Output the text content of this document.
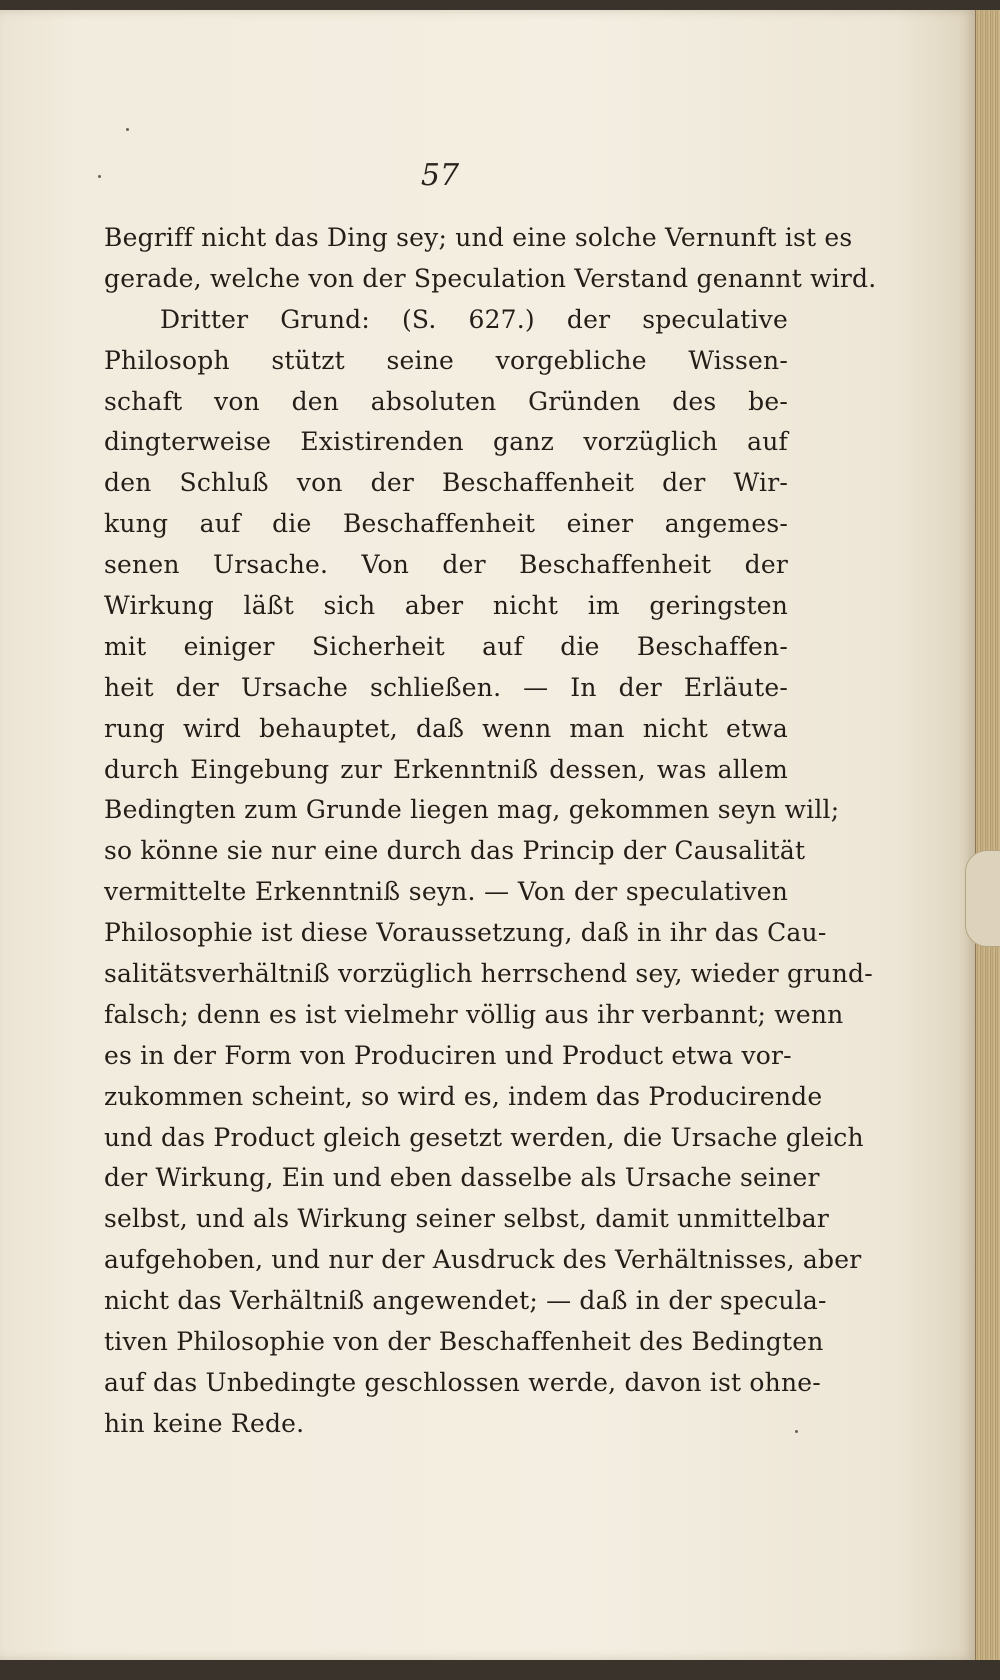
57
Begriff nicht das Ding sey; und eine solche Vernunft ist es
gerade, welche von der Speculation Verstand genannt wird.
Dritter Grund: (S. 627.) der speculative
Philosoph stützt seine vorgebliche Wissen-
schaft von den absoluten Gründen des be-
dingterweise Existirenden ganz vorzüglich auf
den Schluß von der Beschaffenheit der Wir-
kung auf die Beschaffenheit einer angemes-
senen Ursache. Von der Beschaffenheit der
Wirkung läßt sich aber nicht im geringsten
mit einiger Sicherheit auf die Beschaffen-
heit der Ursache schließen. — In der Erläute-
rung wird behauptet, daß wenn man nicht etwa
durch Eingebung zur Erkenntniß dessen, was allem
Bedingten zum Grunde liegen mag, gekommen seyn will;
so könne sie nur eine durch das Princip der Causalität
vermittelte Erkenntniß seyn. — Von der speculativen
Philosophie ist diese Voraussetzung, daß in ihr das Cau-
salitätsverhältniß vorzüglich herrschend sey, wieder grund-
falsch; denn es ist vielmehr völlig aus ihr verbannt; wenn
es in der Form von Produciren und Product etwa vor-
zukommen scheint, so wird es, indem das Producirende
und das Product gleich gesetzt werden, die Ursache gleich
der Wirkung, Ein und eben dasselbe als Ursache seiner
selbst, und als Wirkung seiner selbst, damit unmittelbar
aufgehoben, und nur der Ausdruck des Verhältnisses, aber
nicht das Verhältniß angewendet; — daß in der specula-
tiven Philosophie von der Beschaffenheit des Bedingten
auf das Unbedingte geschlossen werde, davon ist ohne-
hin keine Rede.
